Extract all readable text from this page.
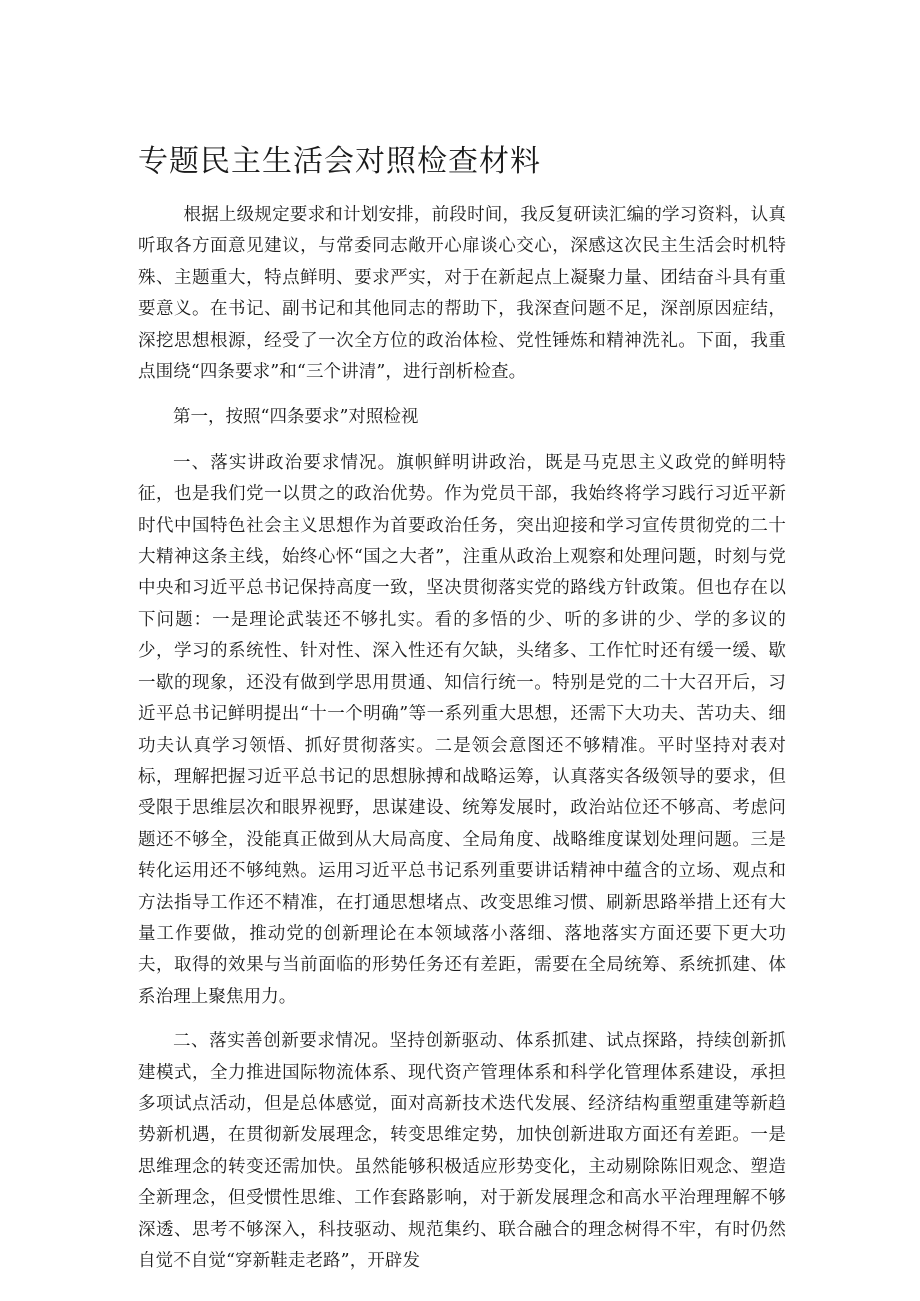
专题民主生活会对照检查材料

根据上级规定要求和计划安排，前段时间，我反复研读汇编的学习资料，认真听取各方面意见建议，与常委同志敞开心扉谈心交心，深感这次民主生活会时机特殊、主题重大，特点鲜明、要求严实，对于在新起点上凝聚力量、团结奋斗具有重要意义。在书记、副书记和其他同志的帮助下，我深查问题不足，深剖原因症结，深挖思想根源，经受了一次全方位的政治体检、党性锤炼和精神洗礼。下面，我重点围绕“四条要求”和“三个讲清”，进行剖析检查。

第一，按照“四条要求”对照检视

一、落实讲政治要求情况。旗帜鲜明讲政治，既是马克思主义政党的鲜明特征，也是我们党一以贯之的政治优势。作为党员干部，我始终将学习践行习近平新时代中国特色社会主义思想作为首要政治任务，突出迎接和学习宣传贯彻党的二十大精神这条主线，始终心怀“国之大者”，注重从政治上观察和处理问题，时刻与党中央和习近平总书记保持高度一致，坚决贯彻落实党的路线方针政策。但也存在以下问题：一是理论武装还不够扎实。看的多悟的少、听的多讲的少、学的多议的少，学习的系统性、针对性、深入性还有欠缺，头绪多、工作忙时还有缓一缓、歇一歇的现象，还没有做到学思用贯通、知信行统一。特别是党的二十大召开后，习近平总书记鲜明提出“十一个明确”等一系列重大思想，还需下大功夫、苦功夫、细功夫认真学习领悟、抓好贯彻落实。二是领会意图还不够精准。平时坚持对表对标，理解把握习近平总书记的思想脉搏和战略运筹，认真落实各级领导的要求，但受限于思维层次和眼界视野，思谋建设、统筹发展时，政治站位还不够高、考虑问题还不够全，没能真正做到从大局高度、全局角度、战略维度谋划处理问题。三是转化运用还不够纯熟。运用习近平总书记系列重要讲话精神中蕴含的立场、观点和方法指导工作还不精准，在打通思想堵点、改变思维习惯、刷新思路举措上还有大量工作要做，推动党的创新理论在本领域落小落细、落地落实方面还要下更大功夫，取得的效果与当前面临的形势任务还有差距，需要在全局统筹、系统抓建、体系治理上聚焦用力。

二、落实善创新要求情况。坚持创新驱动、体系抓建、试点探路，持续创新抓建模式，全力推进国际物流体系、现代资产管理体系和科学化管理体系建设，承担多项试点活动，但是总体感觉，面对高新技术迭代发展、经济结构重塑重建等新趋势新机遇，在贯彻新发展理念，转变思维定势，加快创新进取方面还有差距。一是思维理念的转变还需加快。虽然能够积极适应形势变化，主动剔除陈旧观念、塑造全新理念，但受惯性思维、工作套路影响，对于新发展理念和高水平治理理解不够深透、思考不够深入，科技驱动、规范集约、联合融合的理念树得不牢，有时仍然自觉不自觉“穿新鞋走老路”，开辟发
